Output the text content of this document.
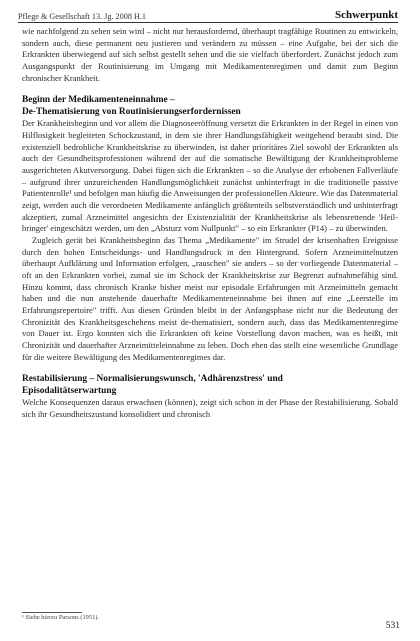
Pflege & Gesellschaft 13. Jg. 2008 H.1	Schwerpunkt

wie nachfolgend zu sehen sein wird – nicht nur herausfordernd, überhaupt tragfähige Routinen zu entwickeln, sondern auch, diese permanent neu justieren und verändern zu müssen – eine Aufgabe, bei der sich die Erkrankten überwiegend auf sich selbst gestellt sehen und die sie vielfach überfordert. Zunächst jedoch zum Ausgangspunkt der Routinisierung im Umgang mit Medikamentenregimen und damit zum Beginn chronischer Krankheit.

Beginn der Medikamenteneinnahme –
De-Thematisierung von Routinisierungserfordernissen

Der Krankheitsbeginn und vor allem die Diagnoseeröffnung versetzt die Erkrankten in der Regel in einen von Hilflosigkeit begleiteten Schockzustand, in dem sie ihrer Handlungsfähigkeit weitgehend beraubt sind. Die existenziell bedrohliche Krankheitskrise zu überwinden, ist daher prioritäres Ziel sowohl der Erkrankten als auch der Gesundheitsprofessionen während der auf die somatische Bewältigung der Krankheitsprobleme ausgerichteten Akutversorgung. Dabei fügen sich die Erkrankten – so die Analyse der erhobenen Fallverläufe – aufgrund ihrer unzureichenden Handlungsmöglichkeit zunächst unhinterfragt in die traditionelle passive Patientenrolle¹ und befolgen man häufig die Anweisungen der professionellen Akteure. Wie das Datenmaterial zeigt, werden auch die verordneten Medikamente anfänglich größtenteils selbstverständlich und unhinterfragt akzeptiert, zumal Arzneimittel angesichts der Existenzialität der Krankheitskrise als lebensrettende 'Heil-bringer' eingeschätzt werden, um den „Absturz vom Nullpunkt" – so ein Erkrankter (P14) – zu überwinden.

Zugleich gerät bei Krankheitsbeginn das Thema „Medikamente" im Strudel der krisenhaften Ereignisse durch den hohen Entscheidungs- und Handlungsdruck in den Hintergrund. Sofern Arzneimittelnutzen überhaupt Aufklärung und Information erfolgen, „rauschen" sie anders – so der vorliegende Datenmaterial – oft an den Erkrankten vorbei, zumal sie im Schock der Krankheitskrise zur Begrenzt aufnahmefähig sind. Hinzu kommt, dass chronisch Kranke bisher meist nur episodale Erfahrungen mit Arzneimitteln gemacht haben und die nun anstehende dauerhafte Medikamenteneinnahme bei ihnen auf eine „Leerstelle im Erfahrungsrepertoire" trifft. Aus diesen Gründen bleibt in der Anfangsphase nicht nur die Bedeutung der Chronizität des Krankheitsgeschehens meist de-thematisiert, sondern auch, dass das Medikamentenregime von Dauer ist. Ergo konnten sich die Erkrankten oft keine Vorstellung davon machen, was es heißt, mit Chronizität und dauerhafter Arzneimitteleinnahme zu leben. Doch eben das stellt eine wesentliche Grundlage für die weitere Bewältigung des Medikamentenregimes dar.

Restabilisierung – Normalisierungswunsch, 'Adhärenzstress' und
Episodalitätserwartung

Welche Konsequenzen daraus erwachsen (können), zeigt sich schon in der Phase der Restabilisierung. Sobald sich ihr Gesundheitszustand konsolidiert und chronisch

¹ Siehe hierzu Parsons (1951).
531
